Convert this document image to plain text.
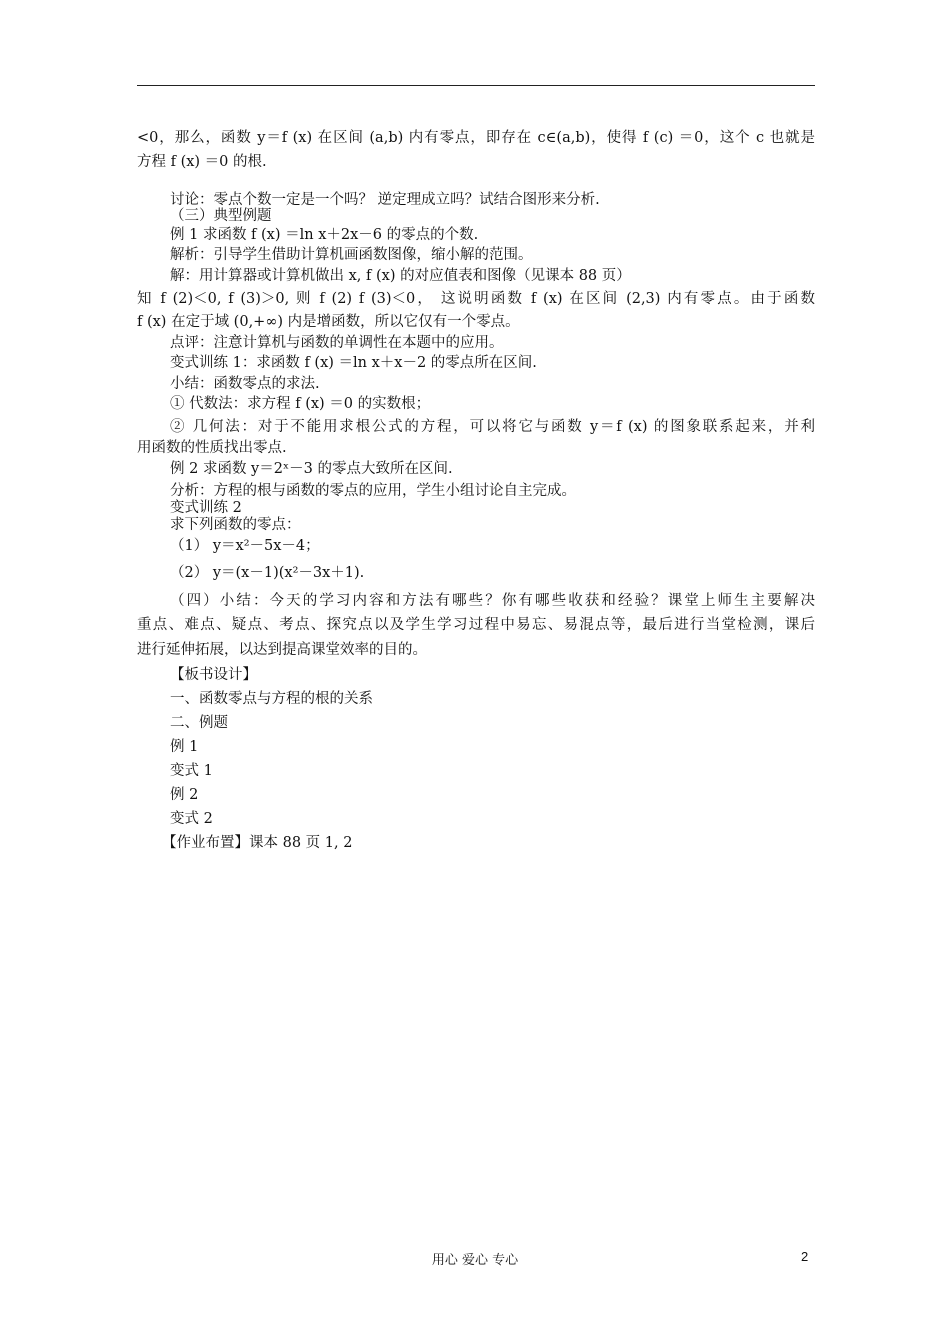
<0，那么，函数 y＝f (x) 在区间 (a,b) 内有零点，即存在 c∈(a,b)，使得 f (c) ＝0，这个 c 也就是
方程 f (x) ＝0 的根.
讨论：零点个数一定是一个吗？ 逆定理成立吗？试结合图形来分析.
（三）典型例题
例 1 求函数 f (x) ＝ln x＋2x－6 的零点的个数.
解析：引导学生借助计算机画函数图像，缩小解的范围。
解：用计算器或计算机做出 x, f (x) 的对应值表和图像（见课本 88 页）
知 f (2)＜0, f (3)＞0, 则 f (2) f (3)＜0， 这说明函数 f (x) 在区间 (2,3) 内有零点。由于函数
f (x) 在定于域 (0,+∞) 内是增函数，所以它仅有一个零点。
点评：注意计算机与函数的单调性在本题中的应用。
变式训练 1：求函数 f (x) ＝ln x＋x－2 的零点所在区间.
小结：函数零点的求法.
① 代数法：求方程 f (x) ＝0 的实数根；
② 几何法：对于不能用求根公式的方程，可以将它与函数 y＝f (x) 的图象联系起来，并利
用函数的性质找出零点.
例 2 求函数 y＝2ˣ－3 的零点大致所在区间.
分析：方程的根与函数的零点的应用，学生小组讨论自主完成。
变式训练 2
求下列函数的零点：
（1） y＝x²－5x－4；
（2） y＝(x－1)(x²－3x＋1).
（四）小结：今天的学习内容和方法有哪些？你有哪些收获和经验？课堂上师生主要解决
重点、难点、疑点、考点、探究点以及学生学习过程中易忘、易混点等，最后进行当堂检测，课后
进行延伸拓展，以达到提高课堂效率的目的。
【板书设计】
一、函数零点与方程的根的关系
二、例题
例 1
变式 1
例 2
变式 2
【作业布置】课本 88 页 1, 2
用心 爱心 专心	2
